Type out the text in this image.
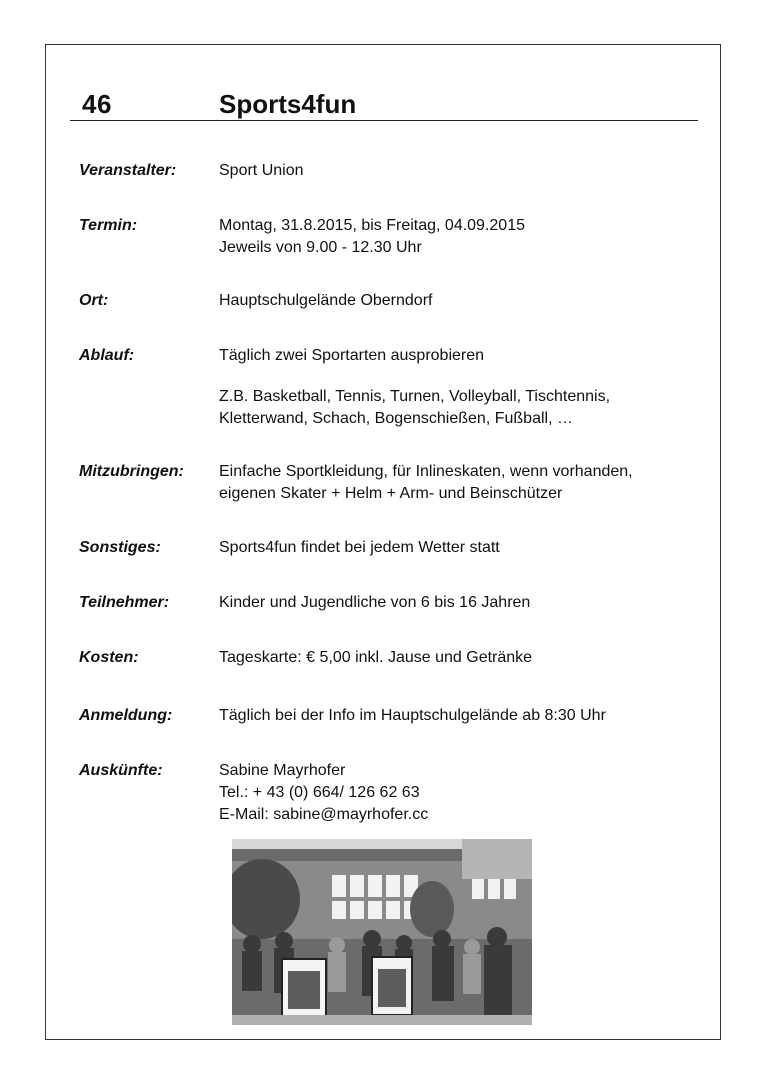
46	Sports4fun
Veranstalter:	Sport Union
Termin:	Montag, 31.8.2015, bis Freitag, 04.09.2015
Jeweils von 9.00 - 12.30 Uhr
Ort:	Hauptschulgelände Oberndorf
Ablauf:	Täglich zwei Sportarten ausprobieren
Z.B. Basketball, Tennis, Turnen, Volleyball, Tischtennis,
Kletterwand, Schach, Bogenschießen, Fußball, …
Mitzubringen: Einfache Sportkleidung, für Inlineskaten, wenn vorhanden,
eigenen Skater + Helm + Arm- und Beinschützer
Sonstiges:	Sports4fun findet bei jedem Wetter statt
Teilnehmer:	Kinder und Jugendliche von 6 bis 16 Jahren
Kosten:	Tageskarte: € 5,00 inkl. Jause und Getränke
Anmeldung:	Täglich bei der Info im Hauptschulgelände ab 8:30 Uhr
Auskünfte:	Sabine Mayrhofer
Tel.: + 43 (0) 664/ 126 62 63
E-Mail: sabine@mayrhofer.cc
